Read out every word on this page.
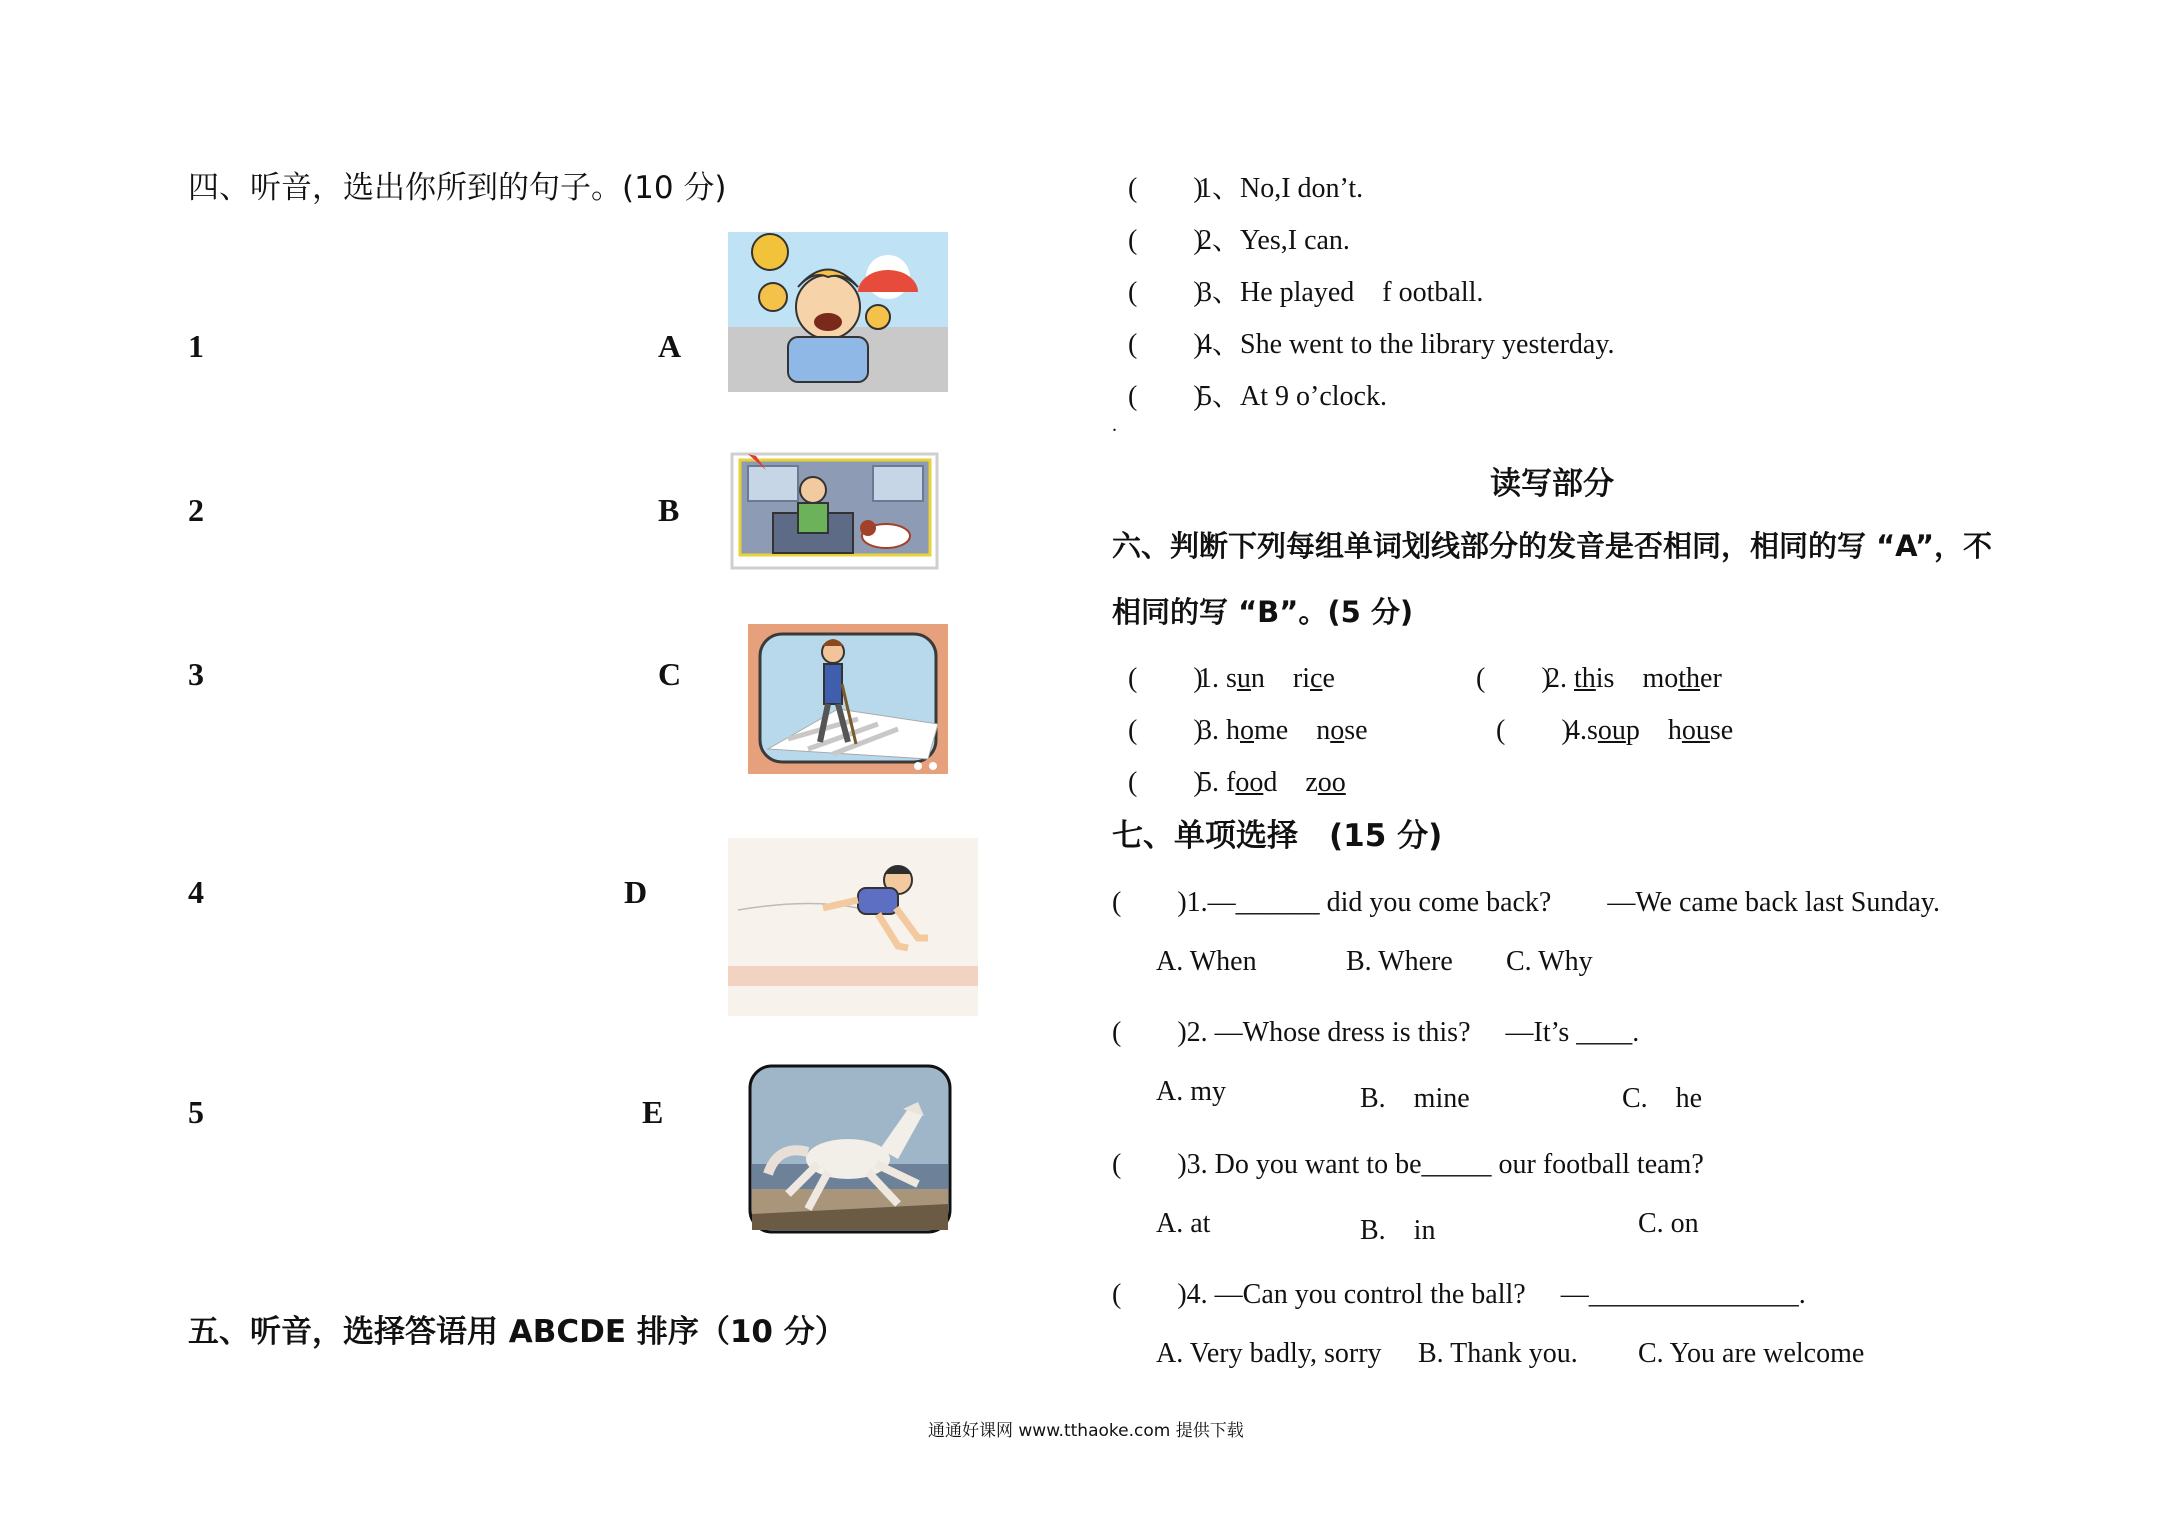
四、听音，选出你所到的句子。(10 分)
1	A
2	B
3	C
4	D
5	E
五、听音，选择答语用 ABCDE 排序（10 分）
(　　)1、No,I don’t.
(　　)2、Yes,I can.
(　　)3、He played　f ootball.
(　　)4、She went to the library yesterday.
(　　)5、At 9 o’clock.
.
读写部分
六、判断下列每组单词划线部分的发音是否相同，相同的写 “A”，不
相同的写 “B”。(5 分)
(　　)1. sun rice	(　　)2. this mother
(　　)3. home nose	(　　)4.soup house
(　　)5. food zoo
七、单项选择　(15 分)
(　　)1.—______ did you come back?　　—We came back last Sunday.
A. When	B. Where C. Why
(　　)2. —Whose dress is this?　 —It’s ____.
A. my	B.　mine	C.　he
(　　)3. Do you want to be_____ our football team?
A. at	B.　in	C. on
(　　)4. —Can you control the ball?　 —_______________.
A. Very badly, sorry B. Thank you. C. You are welcome
通通好课网 www.tthaoke.com 提供下载
